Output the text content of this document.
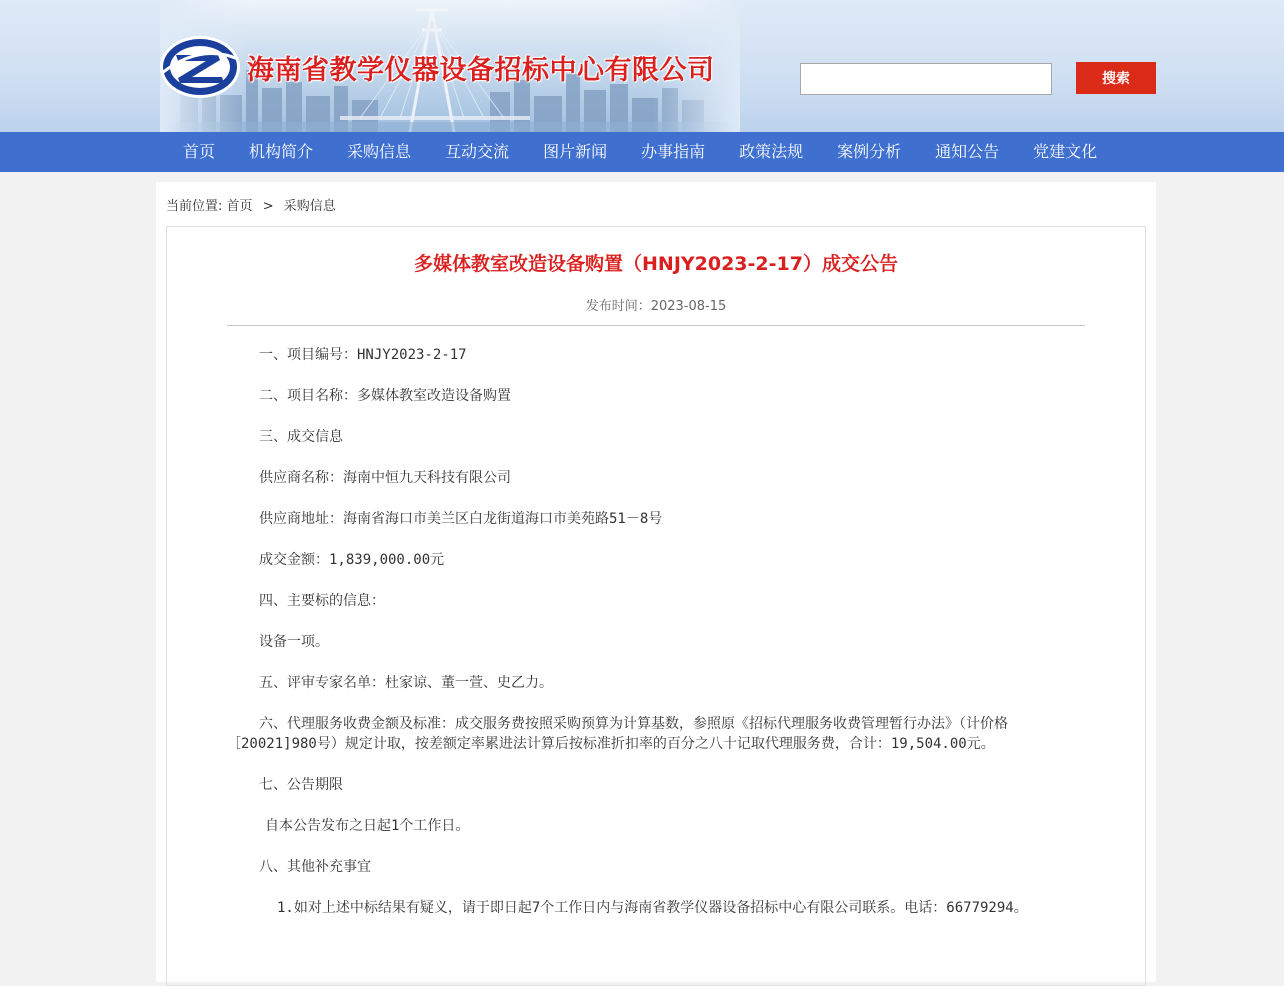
海南省教学仪器设备招标中心有限公司	搜索
首页	机构简介	采购信息	互动交流	图片新闻	办事指南	政策法规	案例分析	通知公告	党建文化
当前位置: 首页 > 采购信息
多媒体教室改造设备购置（HNJY2023-2-17）成交公告
发布时间：2023-08-15

一、项目编号：HNJY2023-2-17

二、项目名称：多媒体教室改造设备购置

三、成交信息

供应商名称：海南中恒九天科技有限公司

供应商地址：海南省海口市美兰区白龙街道海口市美苑路51－8号

成交金额：1,839,000.00元

四、主要标的信息：

设备一项。

五、评审专家名单：杜家谅、董一萱、史乙力。

六、代理服务收费金额及标准：成交服务费按照采购预算为计算基数，参照原《招标代理服务收费管理暂行办法》（计价格［20021]980号）规定计取，按差额定率累进法计算后按标准折扣率的百分之八十记取代理服务费，合计：19,504.00元。

七、公告期限

自本公告发布之日起1个工作日。

八、其他补充事宜

1.如对上述中标结果有疑义，请于即日起7个工作日内与海南省教学仪器设备招标中心有限公司联系。电话：66779294。
